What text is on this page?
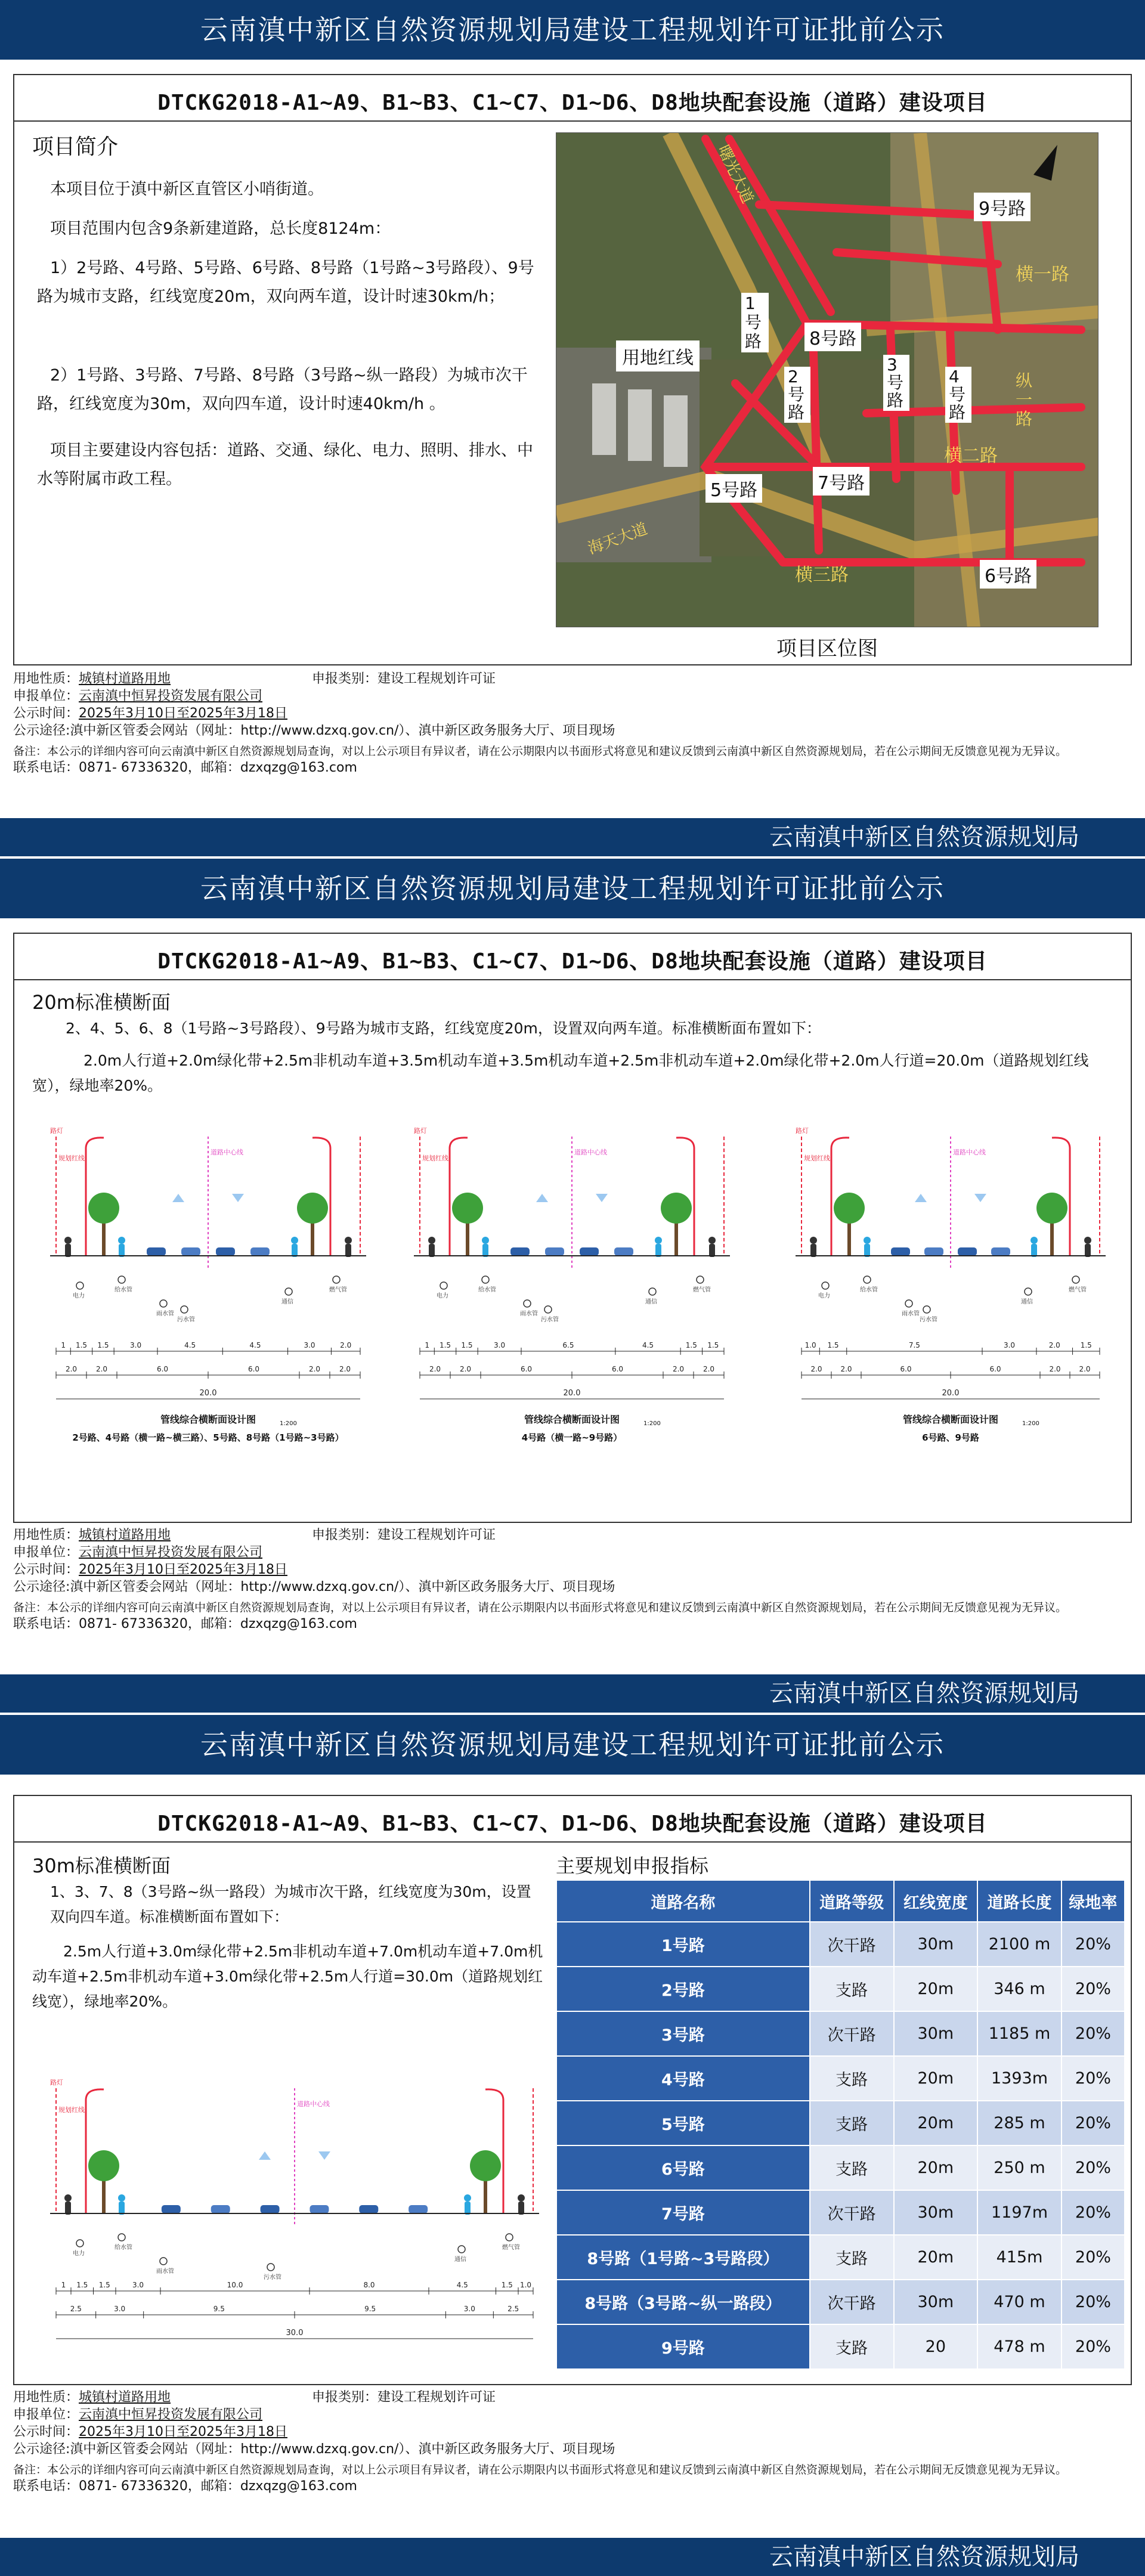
云南滇中新区自然资源规划局建设工程规划许可证批前公示
DTCKG2018-A1~A9、B1~B3、C1~C7、D1~D6、D8地块配套设施（道路）建设项目
项目简介
本项目位于滇中新区直管区小哨街道。
项目范围内包含9条新建道路，总长度8124m：
1）2号路、4号路、5号路、6号路、8号路（1号路~3号路段）、9号路为城市支路，红线宽度20m，双向两车道，设计时速30km/h；
2）1号路、3号路、7号路、8号路（3号路~纵一路段）为城市次干路，红线宽度为30m，双向四车道，设计时速40km/h 。
项目主要建设内容包括：道路、交通、绿化、电力、照明、排水、中水等附属市政工程。
9号路
1号路	8号路
2号路
3号路
4号路
5号路	7号路
6号路
用地红线
横一路
横二路
横三路
纵一路
海天大道
曙光大道
项目区位图
用地性质：城镇村道路用地	申报类别：建设工程规划许可证
申报单位：云南滇中恒昇投资发展有限公司
公示时间：2025年3月10日至2025年3月18日
公示途径:滇中新区管委会网站（网址：http://www.dzxq.gov.cn/）、滇中新区政务服务大厅、项目现场
备注：本公示的详细内容可向云南滇中新区自然资源规划局查询，对以上公示项目有异议者，请在公示期限内以书面形式将意见和建议反馈到云南滇中新区自然资源规划局，若在公示期间无反馈意见视为无异议。
联系电话：0871- 67336320，邮箱：dzxqzg@163.com
云南滇中新区自然资源规划局
云南滇中新区自然资源规划局建设工程规划许可证批前公示
DTCKG2018-A1~A9、B1~B3、C1~C7、D1~D6、D8地块配套设施（道路）建设项目
20m标准横断面
2、4、5、6、8（1号路~3号路段）、9号路为城市支路，红线宽度20m，设置双向两车道。标准横断面布置如下：
2.0m人行道+2.0m绿化带+2.5m非机动车道+3.5m机动车道+3.5m机动车道+2.5m非机动车道+2.0m绿化带+2.0m人行道=20.0m（道路规划红线宽），绿地率20%。
规划红线
道路中心线
路灯
电力
给水管
污水管
雨水管
通信
燃气管
1 1.5 1.5	3.0	4.5	4.5	3.0	2.0
2.0	2.0	6.0	6.0	2.0	2.0
20.0
管线综合横断面设计图	1:200
2号路、4号路（横一路~横三路）、5号路、8号路（1号路~3号路）
规划红线
道路中心线
路灯
电力
给水管
污水管
雨水管
通信
燃气管
1 1.5 1.5	3.0	6.5	4.5	1.5 1.5
2.0	2.0	6.0	6.0	2.0	2.0
20.0
管线综合横断面设计图	1:200
4号路（横一路~9号路）
规划红线
道路中心线
路灯
电力
给水管
污水管
雨水管
通信
燃气管
1.0 1.5	7.5	3.0	2.0	1.5
2.0	2.0	6.0	6.0	2.0	2.0
20.0
管线综合横断面设计图	1:200
6号路、9号路
用地性质：城镇村道路用地	申报类别：建设工程规划许可证
申报单位：云南滇中恒昇投资发展有限公司
公示时间：2025年3月10日至2025年3月18日
公示途径:滇中新区管委会网站（网址：http://www.dzxq.gov.cn/）、滇中新区政务服务大厅、项目现场
备注：本公示的详细内容可向云南滇中新区自然资源规划局查询，对以上公示项目有异议者，请在公示期限内以书面形式将意见和建议反馈到云南滇中新区自然资源规划局，若在公示期间无反馈意见视为无异议。
联系电话：0871- 67336320，邮箱：dzxqzg@163.com
云南滇中新区自然资源规划局
云南滇中新区自然资源规划局建设工程规划许可证批前公示
DTCKG2018-A1~A9、B1~B3、C1~C7、D1~D6、D8地块配套设施（道路）建设项目
30m标准横断面
1、3、7、8（3号路~纵一路段）为城市次干路，红线宽度为30m，设置双向四车道。标准横断面布置如下：
2.5m人行道+3.0m绿化带+2.5m非机动车道+7.0m机动车道+7.0m机动车道+2.5m非机动车道+3.0m绿化带+2.5m人行道=30.0m（道路规划红线宽），绿地率20%。
规划红线
道路中心线
路灯
电力
给水管
污水管
雨水管
通信
燃气管
1 1.5 1.5	3.0	10.0	8.0	4.5	1.5 1.0
2.5	3.0	9.5	9.5	3.0	2.5
30.0
主要规划申报指标
道路名称	道路等级	红线宽度	道路长度	绿地率
1号路	次干路	30m	2100 m	20%
2号路	支路	20m	346 m	20%
3号路	次干路	30m	1185 m	20%
4号路	支路	20m	1393m	20%
5号路	支路	20m	285 m	20%
6号路	支路	20m	250 m	20%
7号路	次干路	30m	1197m	20%
8号路（1号路~3号路段）	支路	20m	415m	20%
8号路（3号路~纵一路段）	次干路	30m	470 m	20%
9号路	支路	20	478 m	20%
用地性质：城镇村道路用地	申报类别：建设工程规划许可证
申报单位：云南滇中恒昇投资发展有限公司
公示时间：2025年3月10日至2025年3月18日
公示途径:滇中新区管委会网站（网址：http://www.dzxq.gov.cn/）、滇中新区政务服务大厅、项目现场
备注：本公示的详细内容可向云南滇中新区自然资源规划局查询，对以上公示项目有异议者，请在公示期限内以书面形式将意见和建议反馈到云南滇中新区自然资源规划局，若在公示期间无反馈意见视为无异议。
联系电话：0871- 67336320，邮箱：dzxqzg@163.com
云南滇中新区自然资源规划局
